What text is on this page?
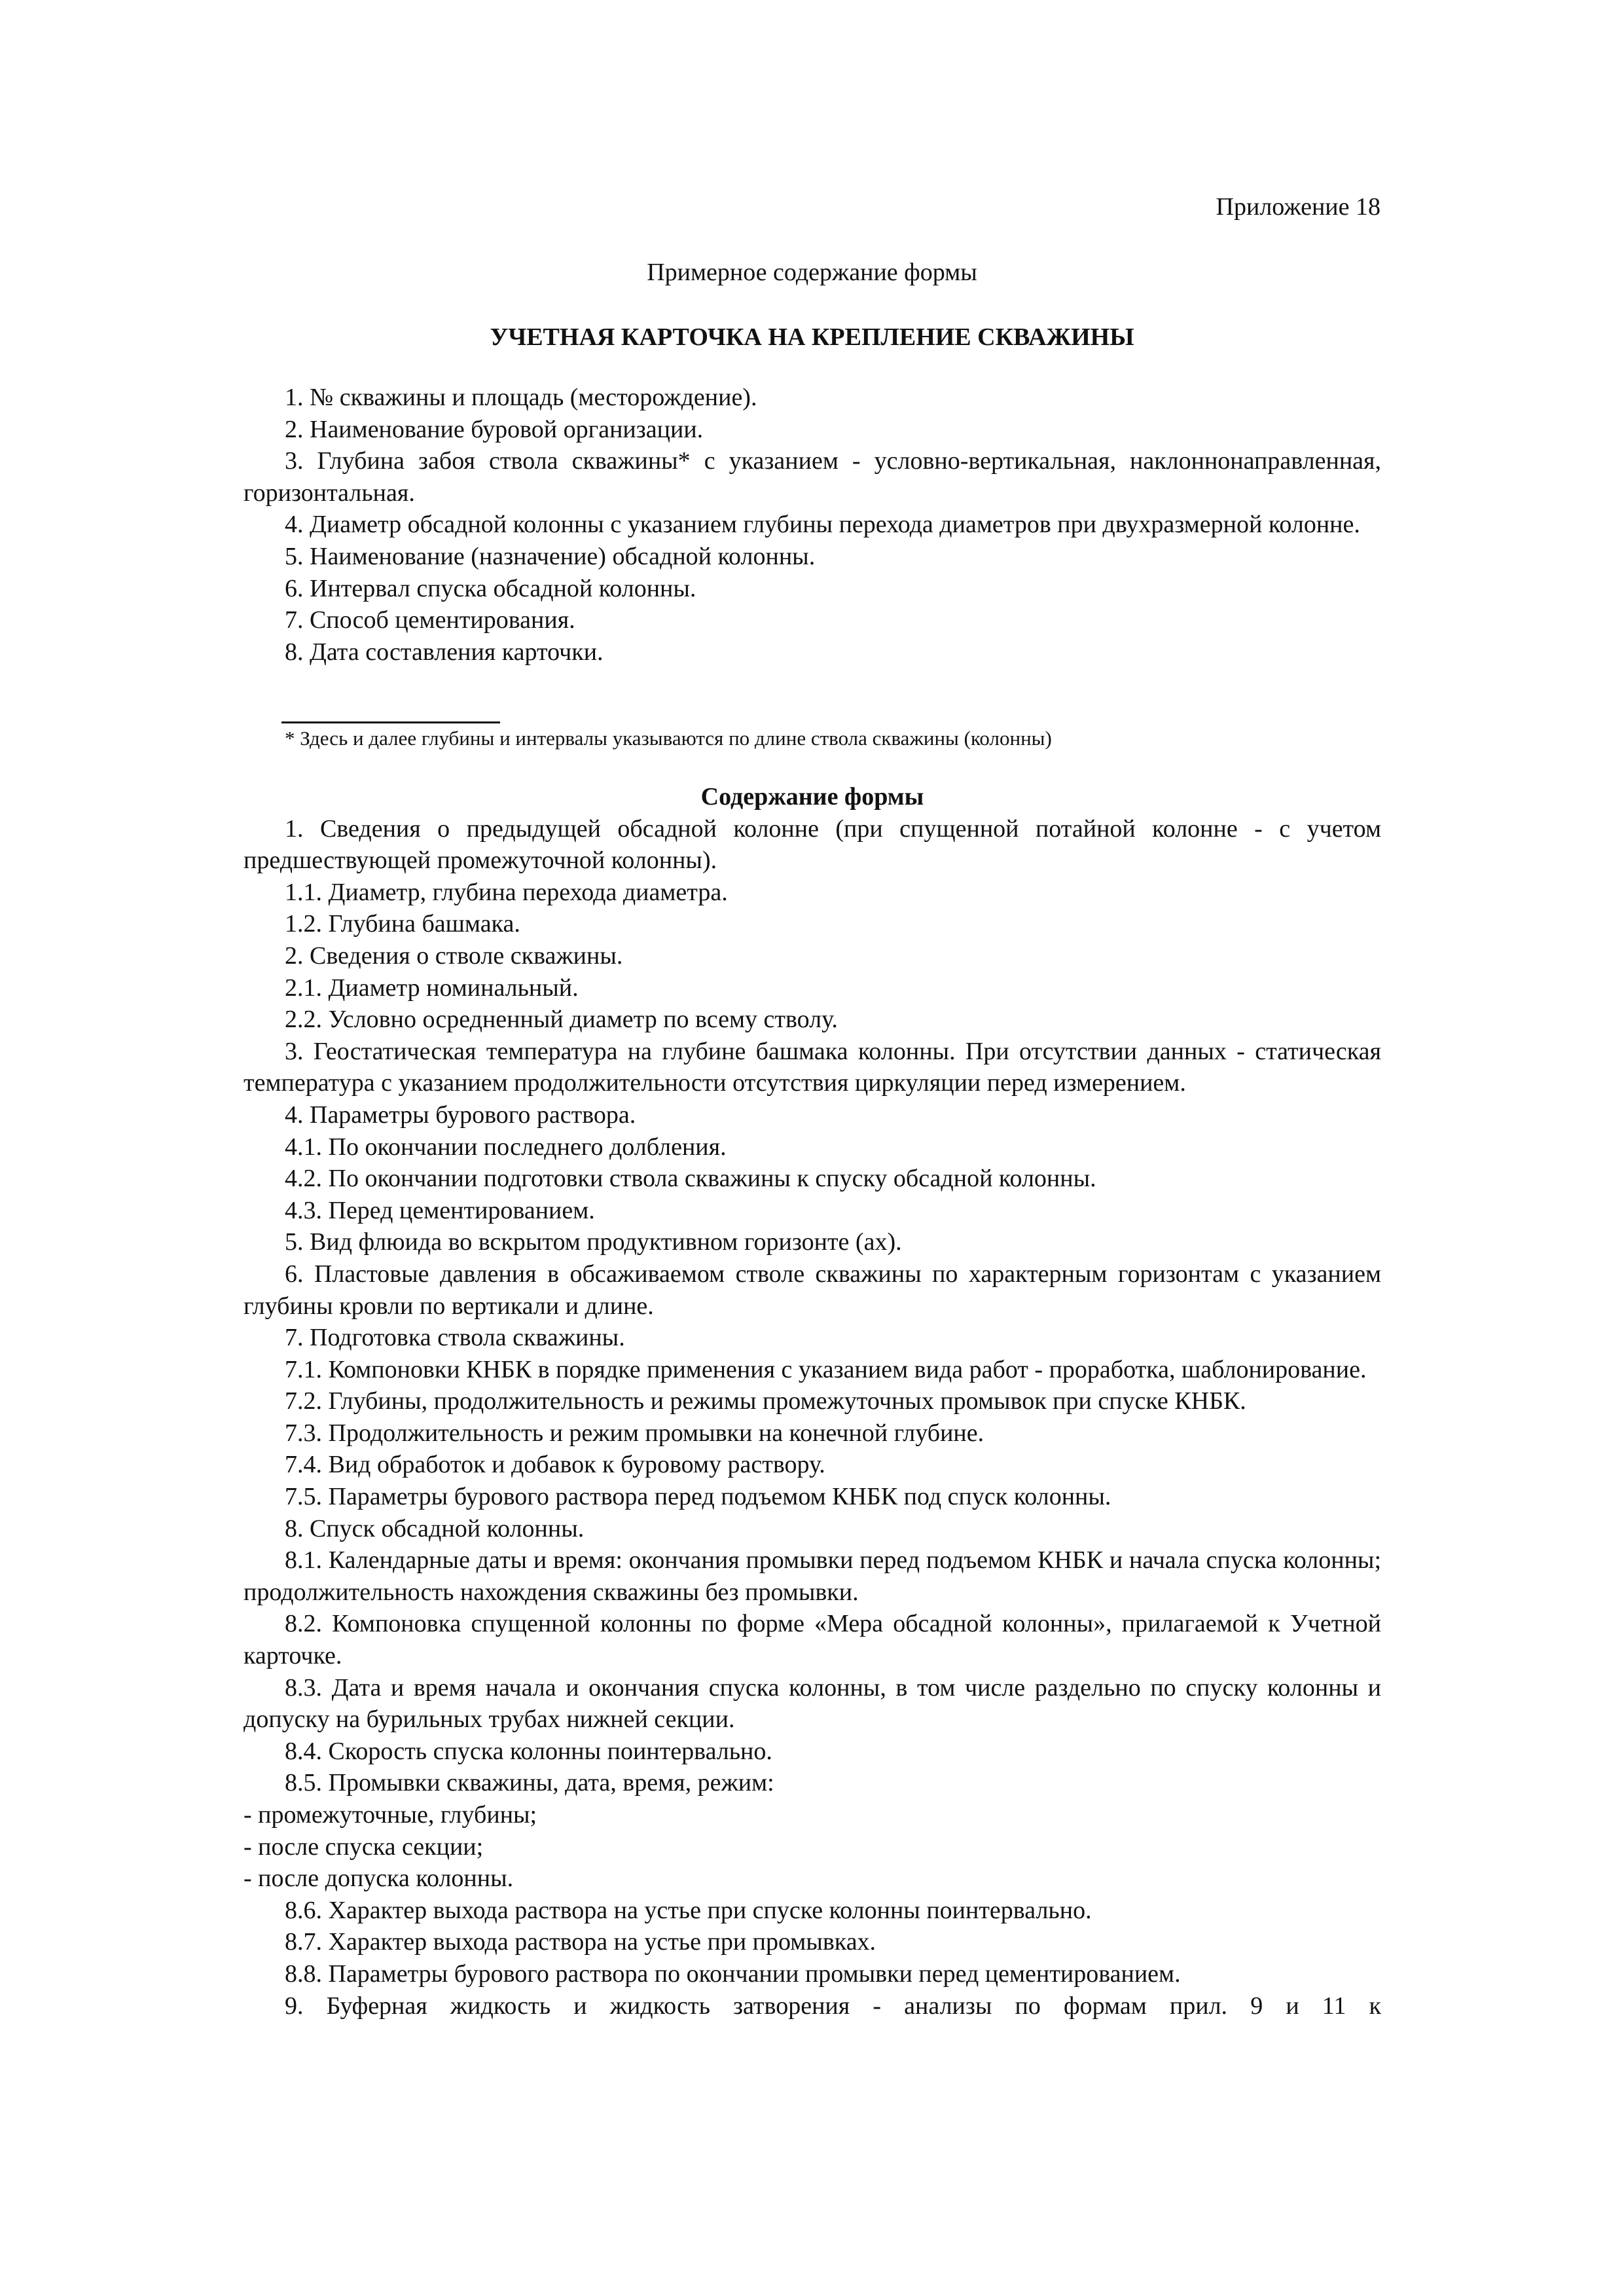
Приложение 18
Примерное содержание формы
УЧЕТНАЯ КАРТОЧКА НА КРЕПЛЕНИЕ СКВАЖИНЫ

1. № скважины и площадь (месторождение).

2. Наименование буровой организации.

3. Глубина забоя ствола скважины* с указанием - условно-вертикальная, наклоннонаправленная, горизонтальная.

4. Диаметр обсадной колонны с указанием глубины перехода диаметров при двухразмерной колонне.

5. Наименование (назначение) обсадной колонны.

6. Интервал спуска обсадной колонны.

7. Способ цементирования.

8. Дата составления карточки.

* Здесь и далее глубины и интервалы указываются по длине ствола скважины (колонны)

Содержание формы

1. Сведения о предыдущей обсадной колонне (при спущенной потайной колонне - с учетом предшествующей промежуточной колонны).

1.1. Диаметр, глубина перехода диаметра.

1.2. Глубина башмака.

2. Сведения о стволе скважины.

2.1. Диаметр номинальный.

2.2. Условно осредненный диаметр по всему стволу.

3. Геостатическая температура на глубине башмака колонны. При отсутствии данных - статическая температура с указанием продолжительности отсутствия циркуляции перед измерением.

4. Параметры бурового раствора.

4.1. По окончании последнего долбления.

4.2. По окончании подготовки ствола скважины к спуску обсадной колонны.

4.3. Перед цементированием.

5. Вид флюида во вскрытом продуктивном горизонте (ах).

6. Пластовые давления в обсаживаемом стволе скважины по характерным горизонтам с указанием глубины кровли по вертикали и длине.

7. Подготовка ствола скважины.

7.1. Компоновки КНБК в порядке применения с указанием вида работ - проработка, шаблонирование.

7.2. Глубины, продолжительность и режимы промежуточных промывок при спуске КНБК.

7.3. Продолжительность и режим промывки на конечной глубине.

7.4. Вид обработок и добавок к буровому раствору.

7.5. Параметры бурового раствора перед подъемом КНБК под спуск колонны.

8. Спуск обсадной колонны.

8.1. Календарные даты и время: окончания промывки перед подъемом КНБК и начала спуска колонны; продолжительность нахождения скважины без промывки.

8.2. Компоновка спущенной колонны по форме «Мера обсадной колонны», прилагаемой к Учетной карточке.

8.3. Дата и время начала и окончания спуска колонны, в том числе раздельно по спуску колонны и допуску на бурильных трубах нижней секции.

8.4. Скорость спуска колонны поинтервально.

8.5. Промывки скважины, дата, время, режим:

- промежуточные, глубины;

- после спуска секции;

- после допуска колонны.

8.6. Характер выхода раствора на устье при спуске колонны поинтервально.

8.7. Характер выхода раствора на устье при промывках.

8.8. Параметры бурового раствора по окончании промывки перед цементированием.

9. Буферная жидкость и жидкость затворения - анализы по формам прил. 9 и 11 к
